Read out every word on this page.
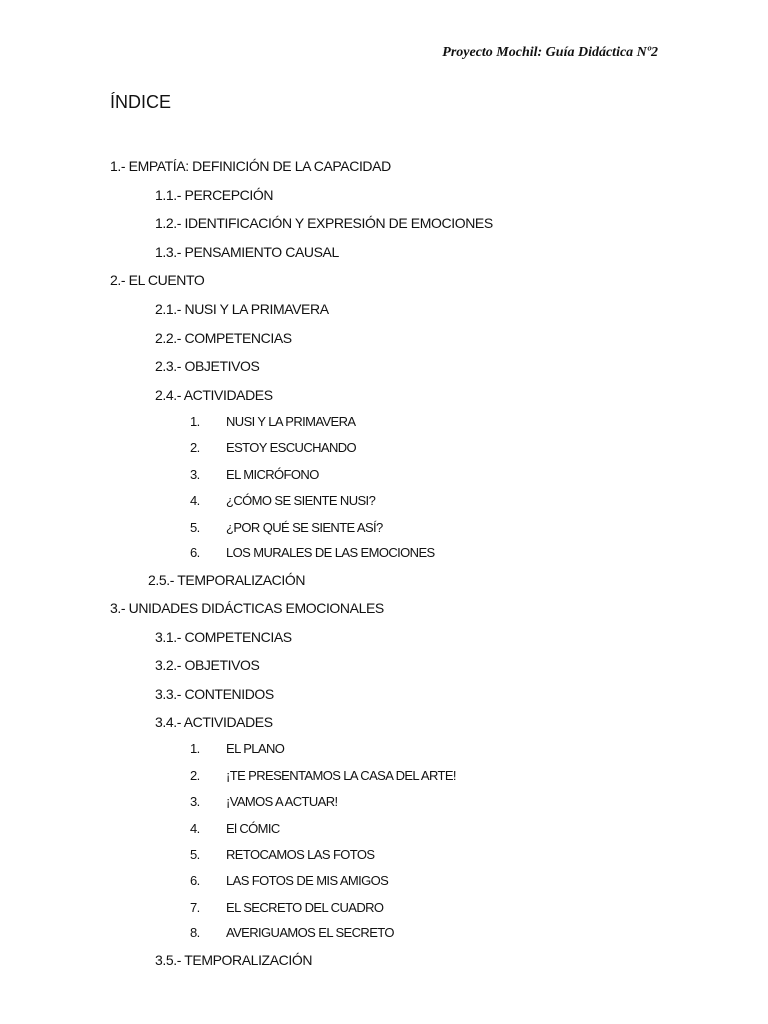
Proyecto Mochil: Guía Didáctica Nº2
ÍNDICE
1.- EMPATÍA: DEFINICIÓN DE LA CAPACIDAD
1.1.- PERCEPCIÓN
1.2.- IDENTIFICACIÓN Y EXPRESIÓN DE EMOCIONES
1.3.- PENSAMIENTO CAUSAL
2.- EL CUENTO
2.1.- NUSI Y LA PRIMAVERA
2.2.- COMPETENCIAS
2.3.- OBJETIVOS
2.4.- ACTIVIDADES
1. NUSI Y LA PRIMAVERA
2. ESTOY ESCUCHANDO
3. EL MICRÓFONO
4. ¿CÓMO SE SIENTE NUSI?
5. ¿POR QUÉ SE SIENTE ASÍ?
6. LOS MURALES DE LAS EMOCIONES
2.5.- TEMPORALIZACIÓN
3.- UNIDADES DIDÁCTICAS EMOCIONALES
3.1.- COMPETENCIAS
3.2.- OBJETIVOS
3.3.- CONTENIDOS
3.4.- ACTIVIDADES
1. EL PLANO
2. ¡TE PRESENTAMOS LA CASA DEL ARTE!
3. ¡VAMOS A ACTUAR!
4. El CÓMIC
5. RETOCAMOS LAS FOTOS
6. LAS FOTOS DE MIS AMIGOS
7. EL SECRETO DEL CUADRO
8. AVERIGUAMOS EL SECRETO
3.5.- TEMPORALIZACIÓN
